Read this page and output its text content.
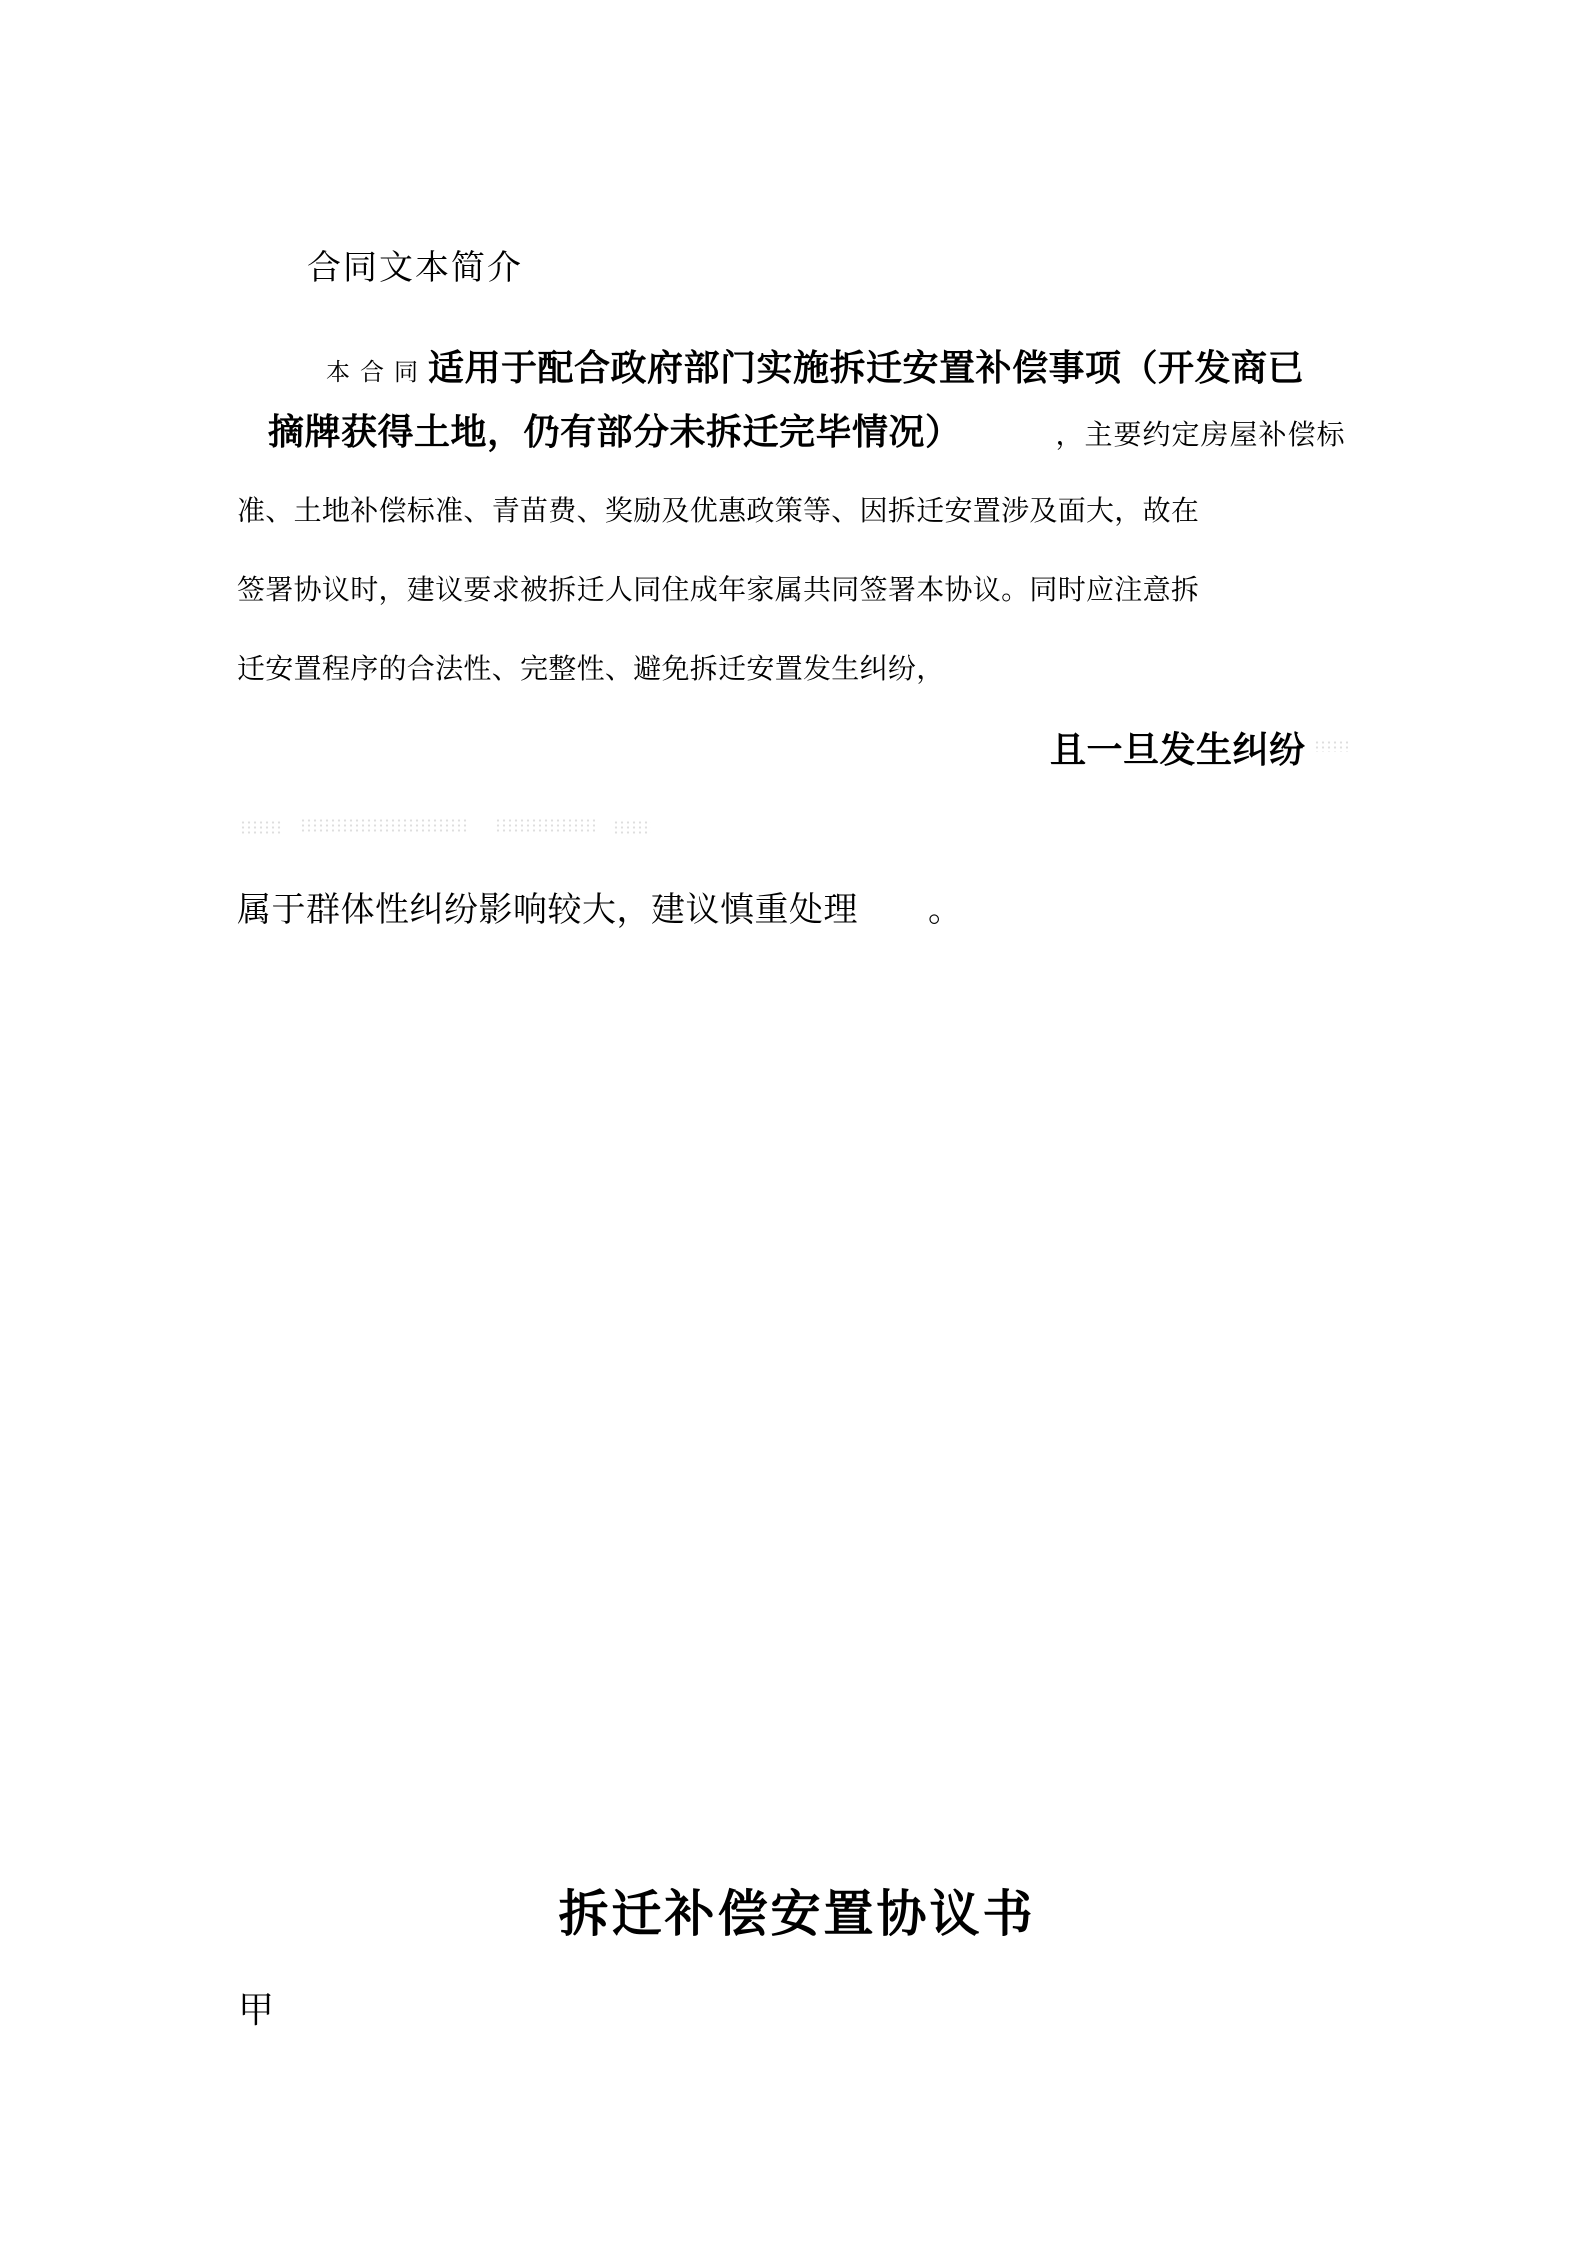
合同文本简介
本合同适用于配合政府部门实施拆迁安置补偿事项（开发商已
摘牌获得土地，仍有部分未拆迁完毕情况）	，主要约定房屋补偿标
准、土地补偿标准、青苗费、奖励及优惠政策等、因拆迁安置涉及面大，故在
签署协议时，建议要求被拆迁人同住成年家属共同签署本协议。同时应注意拆
迁安置程序的合法性、完整性、避免拆迁安置发生纠纷，
且一旦发生纠纷
属于群体性纠纷影响较大，建议慎重处理 。
拆迁补偿安置协议书
甲
